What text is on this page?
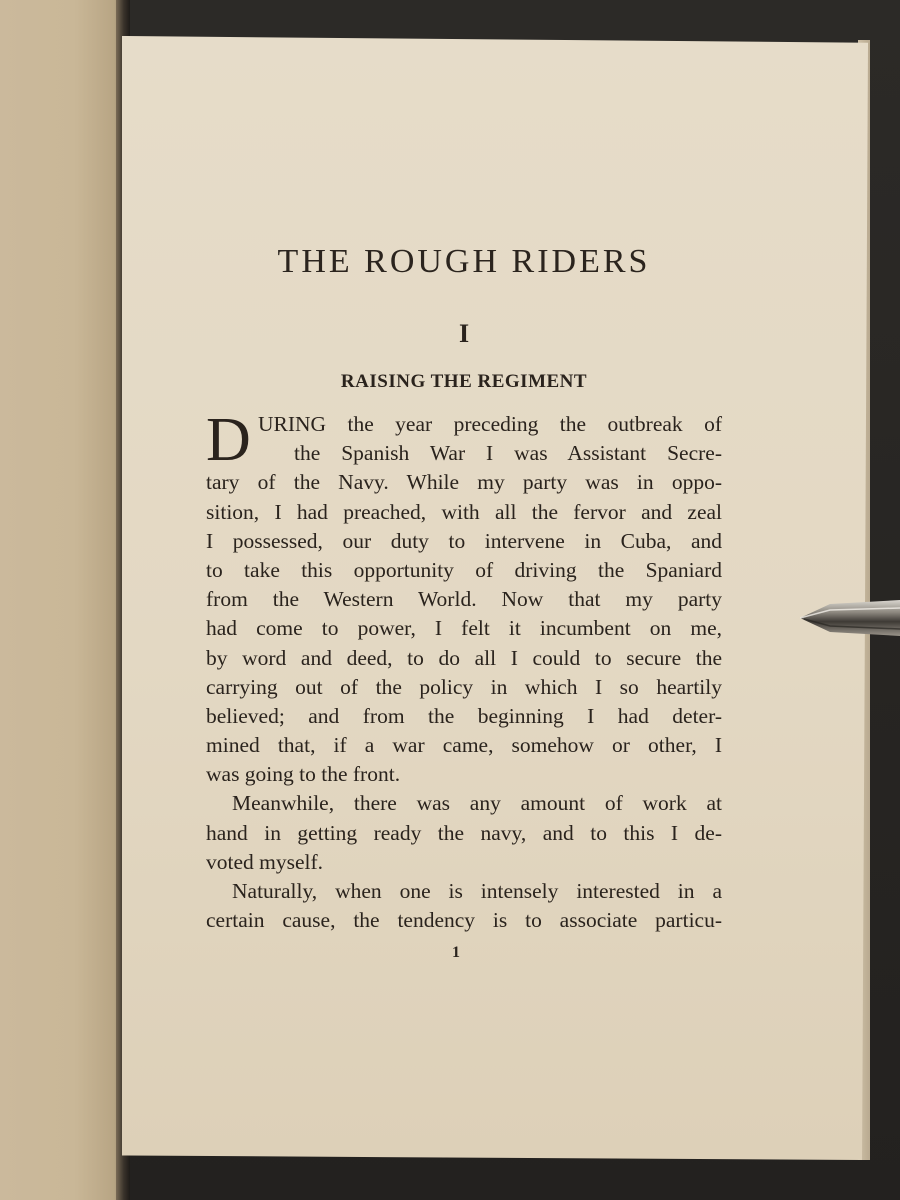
THE ROUGH RIDERS
I
RAISING THE REGIMENT
D URING the year preceding the outbreak of
the Spanish War I was Assistant Secre-
tary of the Navy. While my party was in oppo-
sition, I had preached, with all the fervor and zeal
I possessed, our duty to intervene in Cuba, and
to take this opportunity of driving the Spaniard
from the Western World. Now that my party
had come to power, I felt it incumbent on me,
by word and deed, to do all I could to secure the
carrying out of the policy in which I so heartily
believed; and from the beginning I had deter-
mined that, if a war came, somehow or other, I
was going to the front.
Meanwhile, there was any amount of work at
hand in getting ready the navy, and to this I de-
voted myself.
Naturally, when one is intensely interested in a
certain cause, the tendency is to associate particu-
1
